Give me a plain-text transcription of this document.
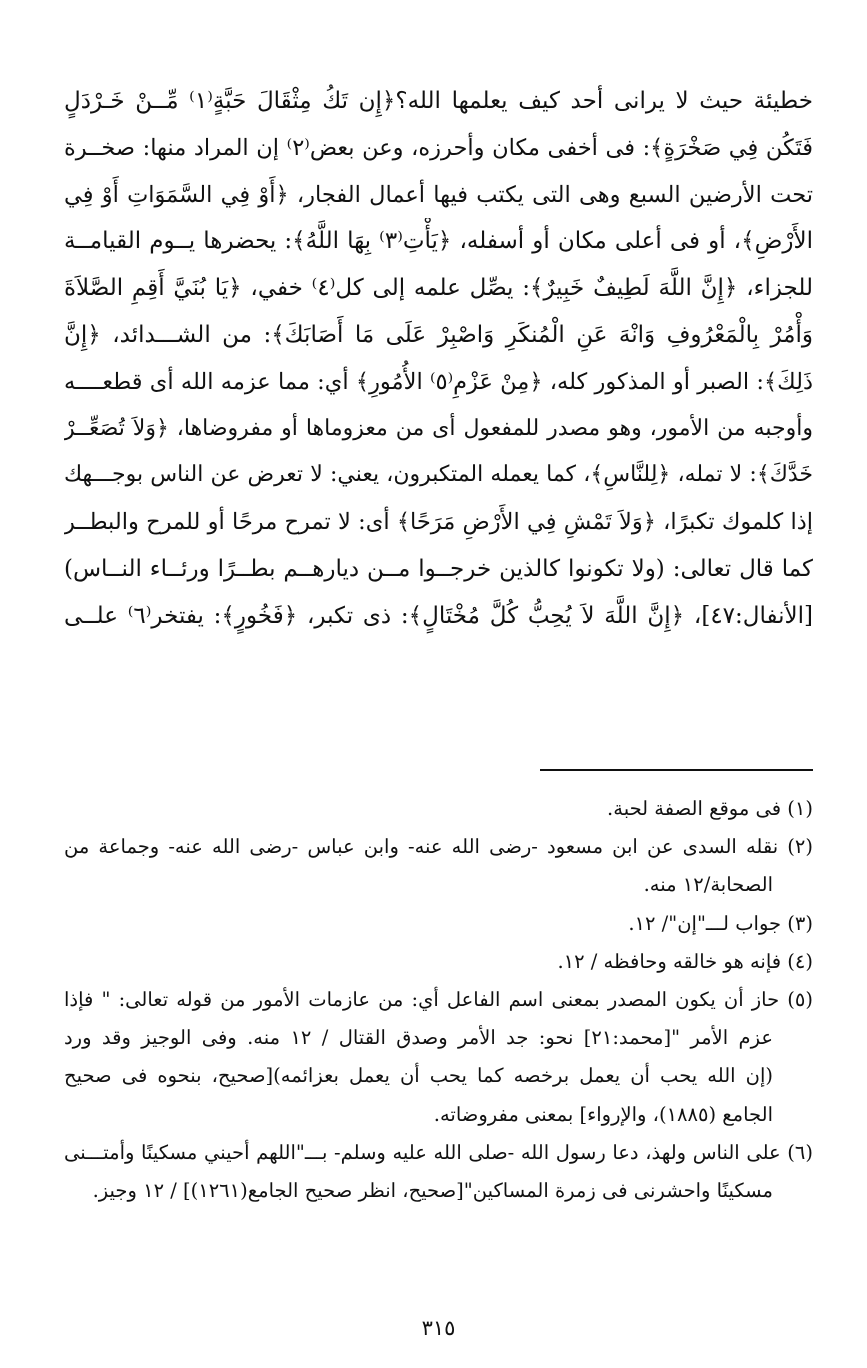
خطيئة حيث لا يرانى أحد كيف يعلمها الله؟﴿إِن تَكُ مِثْقَالَ حَبَّةٍ⁽١⁾ مِّــنْ خَـرْدَلٍ
فَتَكُن فِي صَخْرَةٍ﴾: فى أخفى مكان وأحرزه، وعن بعض⁽٢⁾ إن المراد منها: صخــرة
تحت الأرضين السبع وهى التى يكتب فيها أعمال الفجار، ﴿أَوْ فِي السَّمَوَاتِ أَوْ فِي
الأَرْضِ﴾، أو فى أعلى مكان أو أسفله، ﴿يَأْتِ⁽٣⁾ بِهَا اللَّهُ﴾: يحضرها يــوم القيامــة
للجزاء، ﴿إِنَّ اللَّهَ لَطِيفٌ خَبِيرٌ﴾: يصِّل علمه إلى كل⁽٤⁾ خفي، ﴿يَا بُنَيَّ أَقِمِ الصَّلاَةَ
وَأْمُرْ بِالْمَعْرُوفِ وَانْهَ عَنِ الْمُنكَرِ وَاصْبِرْ عَلَى مَا أَصَابَكَ﴾: من الشـــدائد، ﴿إِنَّ
ذَلِكَ﴾: الصبر أو المذكور كله، ﴿مِنْ عَزْمِ⁽٥⁾ الأُمُورِ﴾ أي: مما عزمه الله أى قطعــــه
وأوجبه من الأمور، وهو مصدر للمفعول أى من معزوماها أو مفروضاها، ﴿وَلاَ تُصَعِّــرْ
خَدَّكَ﴾: لا تمله، ﴿لِلنَّاسِ﴾، كما يعمله المتكبرون، يعني: لا تعرض عن الناس بوجـــهك
إذا كلموك تكبرًا، ﴿وَلاَ تَمْشِ فِي الأَرْضِ مَرَحًا﴾ أى: لا تمرح مرحًا أو للمرح والبطــر
كما قال تعالى: (ولا تكونوا كالذين خرجــوا مــن ديارهــم بطــرًا ورئــاء النــاس)
[الأنفال:٤٧]، ﴿إِنَّ اللَّهَ لاَ يُحِبُّ كُلَّ مُخْتَالٍ﴾: ذى تكبر، ﴿فَخُورٍ﴾: يفتخر⁽٦⁾ علــى
(١) فى موقع الصفة لحبة.
(٢) نقله السدى عن ابن مسعود -رضى الله عنه- وابن عباس -رضى الله عنه- وجماعة من
الصحابة/١٢ منه.
(٣) جواب لـــ"إن"/ ١٢.
(٤) فإنه هو خالقه وحافظه / ١٢.
(٥) حاز أن يكون المصدر بمعنى اسم الفاعل أي: من عازمات الأمور من قوله تعالى: " فإذا
عزم الأمر "[محمد:٢١] نحو: جد الأمر وصدق القتال / ١٢ منه. وفى الوجيز وقد ورد
(إن الله يحب أن يعمل برخصه كما يحب أن يعمل بعزائمه)[صحيح، بنحوه فى صحيح
الجامع (١٨٨٥)، والإرواء] بمعنى مفروضاته.
(٦) على الناس ولهذ، دعا رسول الله -صلى الله عليه وسلم- بـــ"اللهم أحيني مسكينًا وأمتـــنى
مسكينًا واحشرنى فى زمرة المساكين"[صحيح، انظر صحيح الجامع(١٢٦١)] / ١٢ وجيز.
٣١٥
